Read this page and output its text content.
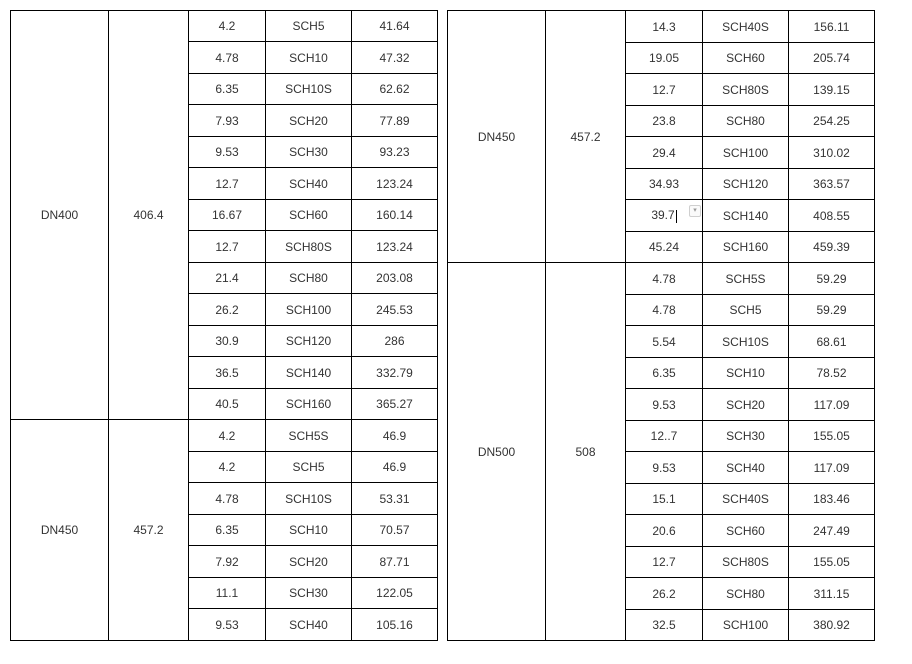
DN400	406.4	4.2	SCH5	41.64
		4.78	SCH10	47.32
		6.35	SCH10S	62.62
		7.93	SCH20	77.89
		9.53	SCH30	93.23
		12.7	SCH40	123.24
		16.67	SCH60	160.14
		12.7	SCH80S	123.24
		21.4	SCH80	203.08
		26.2	SCH100	245.53
		30.9	SCH120	286
		36.5	SCH140	332.79
		40.5	SCH160	365.27
DN450	457.2	4.2	SCH5S	46.9
		4.2	SCH5	46.9
		4.78	SCH10S	53.31
		6.35	SCH10	70.57
		7.92	SCH20	87.71
		11.1	SCH30	122.05
		9.53	SCH40	105.16
DN450	457.2	14.3	SCH40S	156.11
		19.05	SCH60	205.74
		12.7	SCH80S	139.15
		23.8	SCH80	254.25
		29.4	SCH100	310.02
		34.93	SCH120	363.57
		39.7 ▾	SCH140	408.55
		45.24	SCH160	459.39
DN500	508	4.78	SCH5S	59.29
		4.78	SCH5	59.29
		5.54	SCH10S	68.61
		6.35	SCH10	78.52
		9.53	SCH20	117.09
		12..7	SCH30	155.05
		9.53	SCH40	117.09
		15.1	SCH40S	183.46
		20.6	SCH60	247.49
		12.7	SCH80S	155.05
		26.2	SCH80	311.15
		32.5	SCH100	380.92
